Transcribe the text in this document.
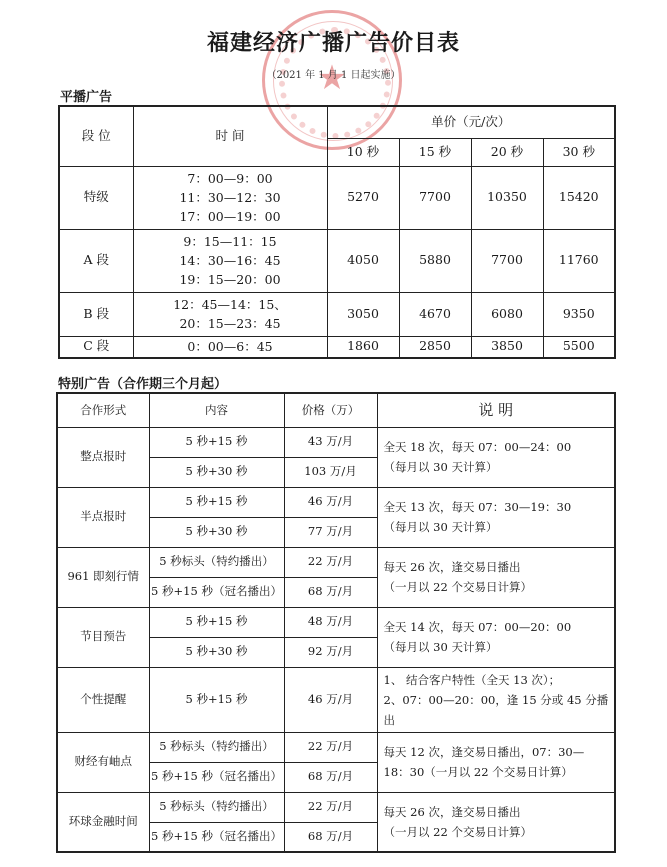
★
福建经济广播广告价目表
（2021 年 1 月 1 日起实施）
平播广告
段 位	时 间	单价（元/次）			
		10 秒	15 秒	20 秒	30 秒
特级	7：00—9：00
11：30—12：30
17：00—19：00	5270	7700	10350	15420
A 段	9：15—11：15
14：30—16：45
19：15—20：00	4050	5880	7700	11760
B 段	12：45—14：15、
20：15—23：45	3050	4670	6080	9350
C 段	0：00—6：45	1860	2850	3850	5500
特别广告（合作期三个月起）
合作形式	内容	价格（万）	说 明
整点报时	5 秒+15 秒	43 万/月	全天 18 次，每天 07：00—24：00
（每月以 30 天计算）

	5 秒+30 秒	103 万/月	
半点报时	5 秒+15 秒	46 万/月	全天 13 次，每天 07：30—19：30
（每月以 30 天计算）

	5 秒+30 秒	77 万/月	
961 即刻行情	5 秒标头（特约播出）	22 万/月	每天 26 次，逢交易日播出
（一月以 22 个交易日计算）

	5 秒+15 秒（冠名播出）	68 万/月	
节目预告	5 秒+15 秒	48 万/月	全天 14 次，每天 07：00—20：00
（每月以 30 天计算）

	5 秒+30 秒	92 万/月	
个性提醒	5 秒+15 秒	46 万/月	1、 结合客户特性（全天 13 次）；
2、07：00—20：00，逢 15 分或 45 分播出

财经有岫点	5 秒标头（特约播出）	22 万/月	每天 12 次，逢交易日播出，07：30—18：30（一月以 22 个交易日计算）

	5 秒+15 秒（冠名播出）	68 万/月	
环球金融时间	5 秒标头（特约播出）	22 万/月	每天 26 次，逢交易日播出
（一月以 22 个交易日计算）

	5 秒+15 秒（冠名播出）	68 万/月	
